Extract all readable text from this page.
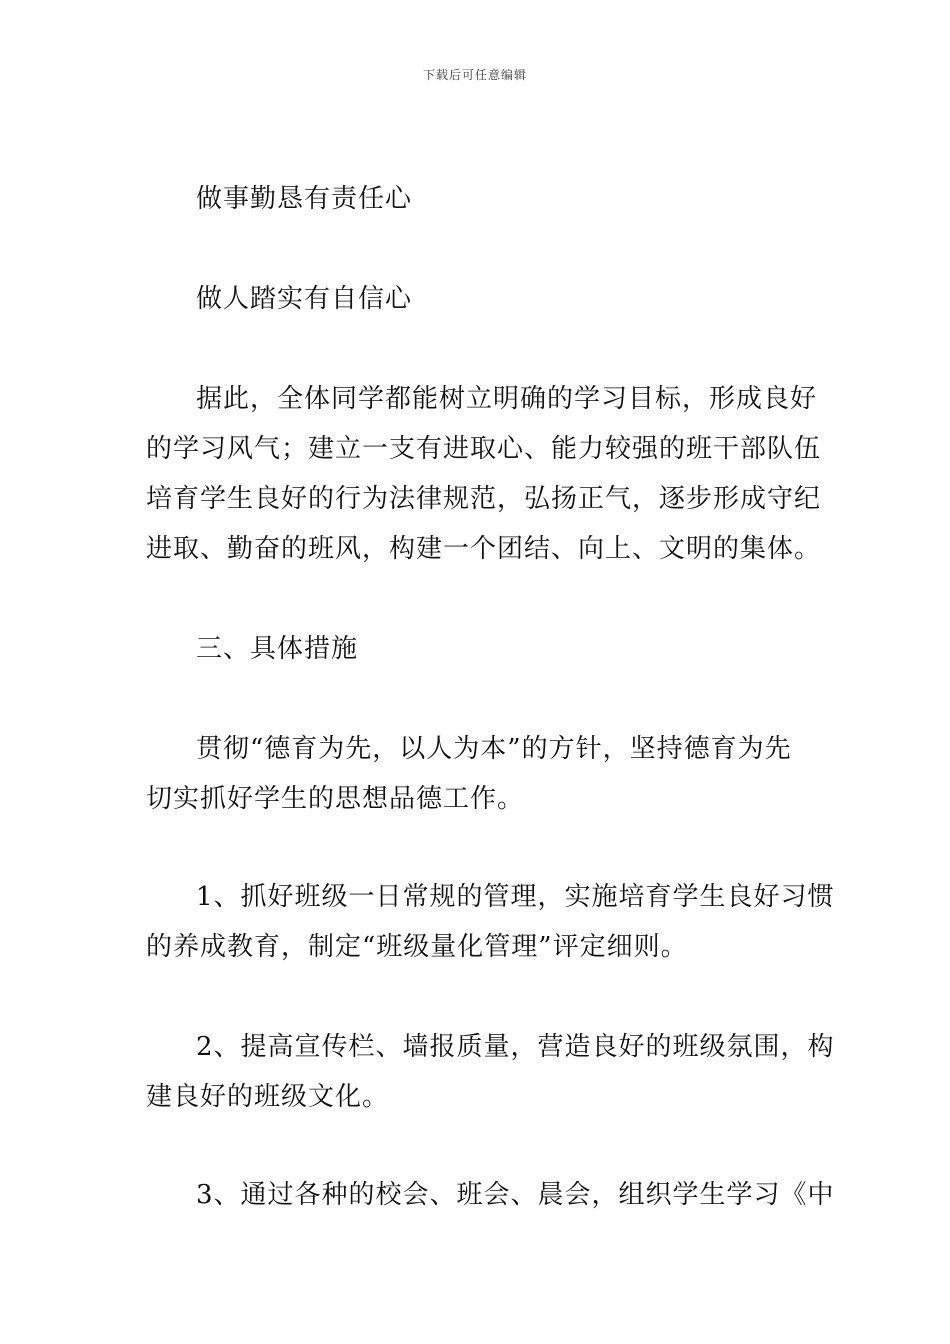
下载后可任意编辑
做事勤恳有责任心
做人踏实有自信心
据此，全体同学都能树立明确的学习目标，形成良好
的学习风气；建立一支有进取心、能力较强的班干部队伍
培育学生良好的行为法律规范，弘扬正气，逐步形成守纪
进取、勤奋的班风，构建一个团结、向上、文明的集体。
三、具体措施
贯彻“德育为先，以人为本”的方针，坚持德育为先
切实抓好学生的思想品德工作。
1、抓好班级一日常规的管理，实施培育学生良好习惯
的养成教育，制定“班级量化管理”评定细则。
2、提高宣传栏、墙报质量，营造良好的班级氛围，构
建良好的班级文化。
3、通过各种的校会、班会、晨会，组织学生学习《中
